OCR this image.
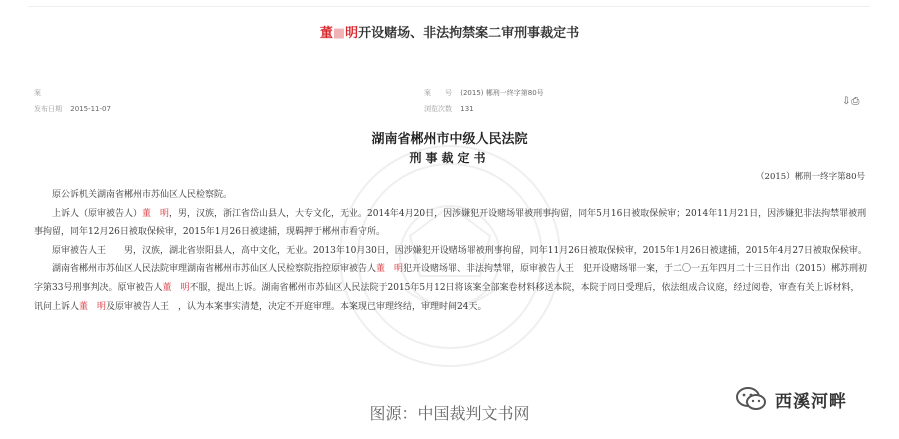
董■明开设赌场、非法拘禁案二审刑事裁定书
案
发布日期 2015-11-07
案　　号 (2015) 郴刑一终字第80号
浏览次数 131
⇩⎙
湖南省郴州市中级人民法院
刑事裁定书
（2015）郴刑一终字第80号

原公诉机关湖南省郴州市苏仙区人民检察院。

上诉人（原审被告人）董　明，男，汉族，浙江省岱山县人，大专文化，无业。2014年4月20日，因涉嫌犯开设赌场罪被刑事拘留，同年5月16日被取保候审；2014年11月21日，因涉嫌犯非法拘禁罪被刑事拘留，同年12月26日被取保候审，2015年1月26日被逮捕，现羁押于郴州市看守所。

原审被告人王　　男，汉族，湖北省崇阳县人，高中文化，无业。2013年10月30日，因涉嫌犯开设赌场罪被刑事拘留，同年11月26日被取保候审，2015年1月26日被逮捕，2015年4月27日被取保候审。

湖南省郴州市苏仙区人民法院审理湖南省郴州市苏仙区人民检察院指控原审被告人董　明犯开设赌场罪、非法拘禁罪，原审被告人王　犯开设赌场罪一案，于二〇一五年四月二十三日作出（2015）郴苏刑初字第33号刑事判决。原审被告人董　明不服，提出上诉。湖南省郴州市苏仙区人民法院于2015年5月12日将该案全部案卷材料移送本院，本院于同日受理后，依法组成合议庭，经过阅卷，审查有关上诉材料，讯问上诉人董　明及原审被告人王　，认为本案事实清楚，决定不开庭审理。本案现已审理终结，审理时间24天。

图源：中国裁判文书网
西溪河畔
